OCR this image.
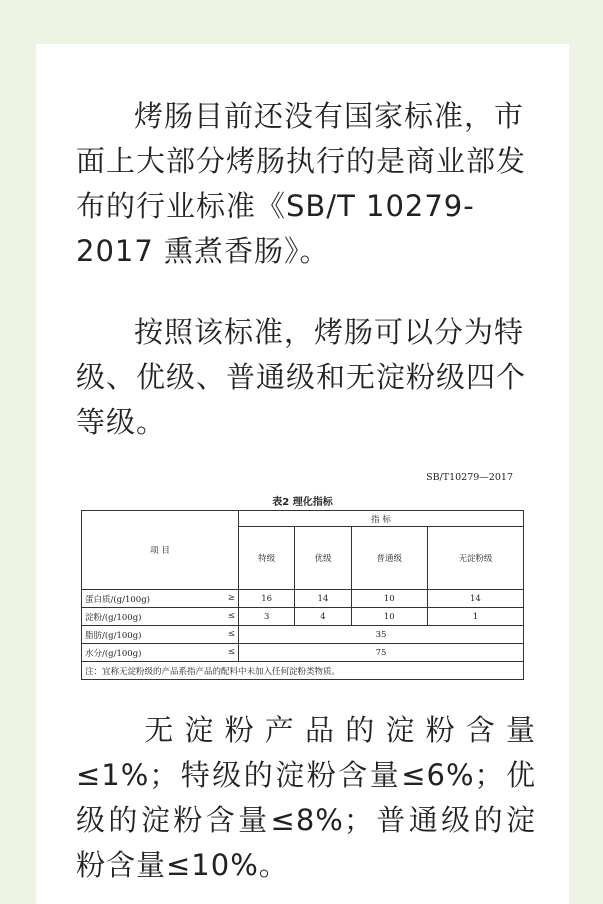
烤肠目前还没有国家标准，市面上大部分烤肠执行的是商业部发布的行业标准《SB/T 10279-2017 熏煮香肠》。

按照该标准，烤肠可以分为特级、优级、普通级和无淀粉级四个等级。

SB/T10279—2017
表2 理化指标
项 目	指 标			
	特级	优级	普通级	无淀粉级

蛋白质/(g/100g) ≥	16	14	10	14

淀粉/(g/100g) ≤	3	4	10	1

脂肪/(g/100g) ≤	35			

水分/(g/100g) ≤	75			
注：宜称无淀粉级的产品系指产品的配料中未加入任何淀粉类物质。				

无淀粉产品的淀粉含量≤1%；特级的淀粉含量≤6%；优级的淀粉含量≤8%；普通级的淀粉含量≤10%。
